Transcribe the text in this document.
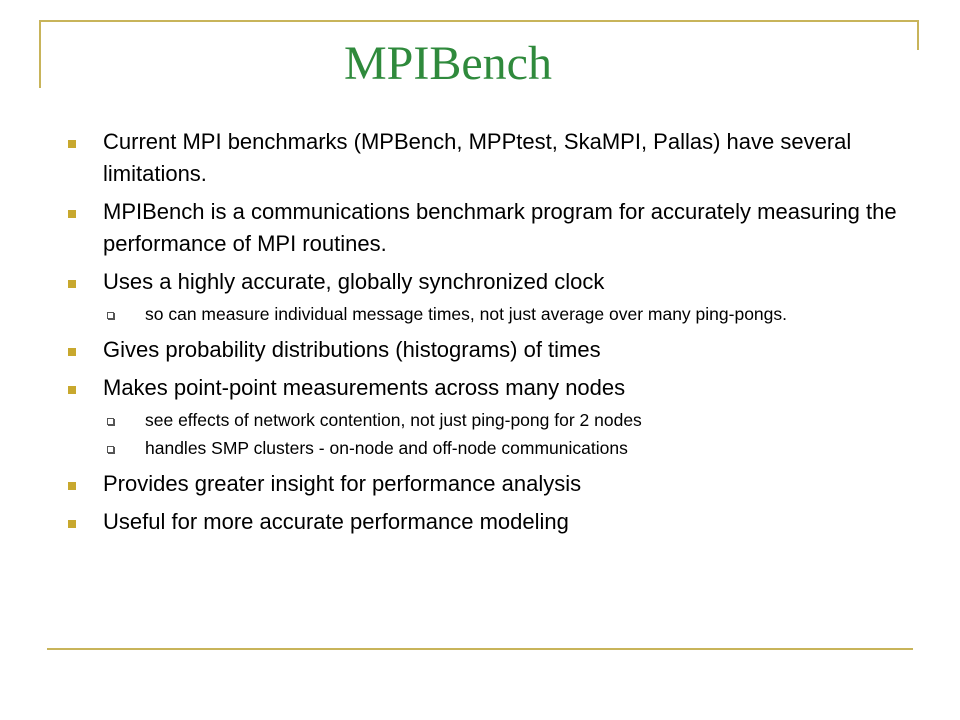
MPIBench
Current MPI benchmarks (MPBench, MPPtest, SkaMPI, Pallas) have several limitations.
MPIBench is a communications benchmark program for accurately measuring the performance of MPI routines.
Uses a highly accurate, globally synchronized clock
so can measure individual message times, not just average over many ping-pongs.
Gives probability distributions (histograms) of times
Makes point-point measurements across many nodes
see effects of network contention, not just ping-pong for 2 nodes
handles SMP clusters - on-node and off-node communications
Provides greater insight for performance analysis
Useful for more accurate performance modeling
